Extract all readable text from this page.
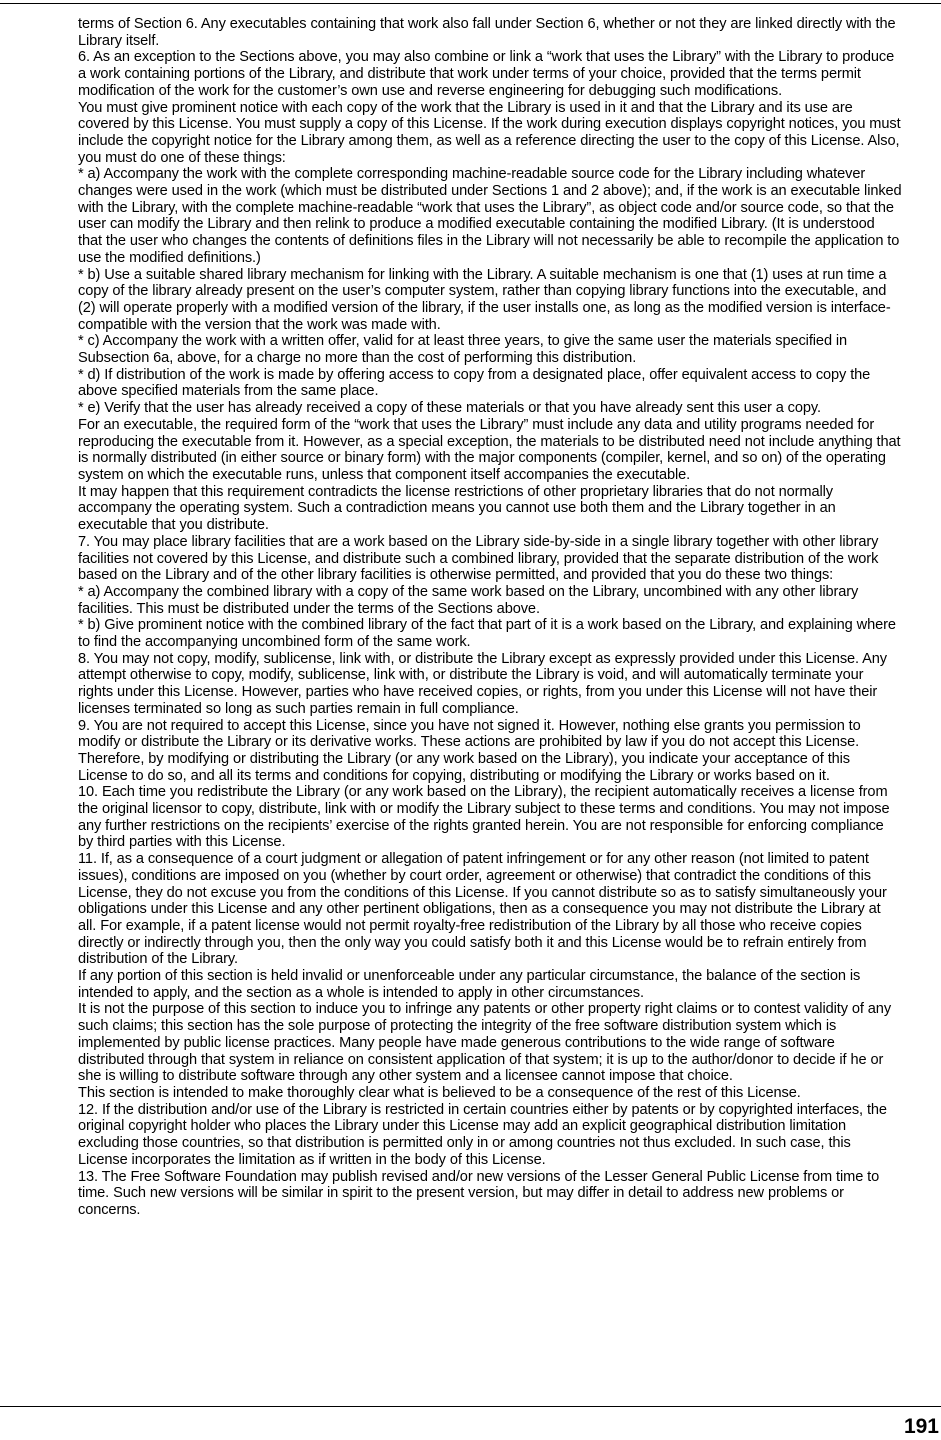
terms of Section 6. Any executables containing that work also fall under Section 6, whether or not they are linked directly with the Library itself.

6. As an exception to the Sections above, you may also combine or link a “work that uses the Library” with the Library to produce a work containing portions of the Library, and distribute that work under terms of your choice, provided that the terms permit modification of the work for the customer’s own use and reverse engineering for debugging such modifications.

You must give prominent notice with each copy of the work that the Library is used in it and that the Library and its use are covered by this License. You must supply a copy of this License. If the work during execution displays copyright notices, you must include the copyright notice for the Library among them, as well as a reference directing the user to the copy of this License. Also, you must do one of these things:

* a) Accompany the work with the complete corresponding machine-readable source code for the Library including whatever changes were used in the work (which must be distributed under Sections 1 and 2 above); and, if the work is an executable linked with the Library, with the complete machine-readable “work that uses the Library”, as object code and/or source code, so that the user can modify the Library and then relink to produce a modified executable containing the modified Library. (It is understood that the user who changes the contents of definitions files in the Library will not necessarily be able to recompile the application to use the modified definitions.)

* b) Use a suitable shared library mechanism for linking with the Library. A suitable mechanism is one that (1) uses at run time a copy of the library already present on the user’s computer system, rather than copying library functions into the executable, and (2) will operate properly with a modified version of the library, if the user installs one, as long as the modified version is interface-compatible with the version that the work was made with.

* c) Accompany the work with a written offer, valid for at least three years, to give the same user the materials specified in Subsection 6a, above, for a charge no more than the cost of performing this distribution.

* d) If distribution of the work is made by offering access to copy from a designated place, offer equivalent access to copy the above specified materials from the same place.

* e) Verify that the user has already received a copy of these materials or that you have already sent this user a copy.

For an executable, the required form of the “work that uses the Library” must include any data and utility programs needed for reproducing the executable from it. However, as a special exception, the materials to be distributed need not include anything that is normally distributed (in either source or binary form) with the major components (compiler, kernel, and so on) of the operating system on which the executable runs, unless that component itself accompanies the executable.

It may happen that this requirement contradicts the license restrictions of other proprietary libraries that do not normally accompany the operating system. Such a contradiction means you cannot use both them and the Library together in an executable that you distribute.

7. You may place library facilities that are a work based on the Library side-by-side in a single library together with other library facilities not covered by this License, and distribute such a combined library, provided that the separate distribution of the work based on the Library and of the other library facilities is otherwise permitted, and provided that you do these two things:

* a) Accompany the combined library with a copy of the same work based on the Library, uncombined with any other library facilities. This must be distributed under the terms of the Sections above.

* b) Give prominent notice with the combined library of the fact that part of it is a work based on the Library, and explaining where to find the accompanying uncombined form of the same work.

8. You may not copy, modify, sublicense, link with, or distribute the Library except as expressly provided under this License. Any attempt otherwise to copy, modify, sublicense, link with, or distribute the Library is void, and will automatically terminate your rights under this License. However, parties who have received copies, or rights, from you under this License will not have their licenses terminated so long as such parties remain in full compliance.

9. You are not required to accept this License, since you have not signed it. However, nothing else grants you permission to modify or distribute the Library or its derivative works. These actions are prohibited by law if you do not accept this License. Therefore, by modifying or distributing the Library (or any work based on the Library), you indicate your acceptance of this License to do so, and all its terms and conditions for copying, distributing or modifying the Library or works based on it.

10. Each time you redistribute the Library (or any work based on the Library), the recipient automatically receives a license from the original licensor to copy, distribute, link with or modify the Library subject to these terms and conditions. You may not impose any further restrictions on the recipients’ exercise of the rights granted herein. You are not responsible for enforcing compliance by third parties with this License.

11. If, as a consequence of a court judgment or allegation of patent infringement or for any other reason (not limited to patent issues), conditions are imposed on you (whether by court order, agreement or otherwise) that contradict the conditions of this License, they do not excuse you from the conditions of this License. If you cannot distribute so as to satisfy simultaneously your obligations under this License and any other pertinent obligations, then as a consequence you may not distribute the Library at all. For example, if a patent license would not permit royalty-free redistribution of the Library by all those who receive copies directly or indirectly through you, then the only way you could satisfy both it and this License would be to refrain entirely from distribution of the Library.

If any portion of this section is held invalid or unenforceable under any particular circumstance, the balance of the section is intended to apply, and the section as a whole is intended to apply in other circumstances.

It is not the purpose of this section to induce you to infringe any patents or other property right claims or to contest validity of any such claims; this section has the sole purpose of protecting the integrity of the free software distribution system which is implemented by public license practices. Many people have made generous contributions to the wide range of software distributed through that system in reliance on consistent application of that system; it is up to the author/donor to decide if he or she is willing to distribute software through any other system and a licensee cannot impose that choice.

This section is intended to make thoroughly clear what is believed to be a consequence of the rest of this License.

12. If the distribution and/or use of the Library is restricted in certain countries either by patents or by copyrighted interfaces, the original copyright holder who places the Library under this License may add an explicit geographical distribution limitation excluding those countries, so that distribution is permitted only in or among countries not thus excluded. In such case, this License incorporates the limitation as if written in the body of this License.

13. The Free Software Foundation may publish revised and/or new versions of the Lesser General Public License from time to time. Such new versions will be similar in spirit to the present version, but may differ in detail to address new problems or concerns.

191
